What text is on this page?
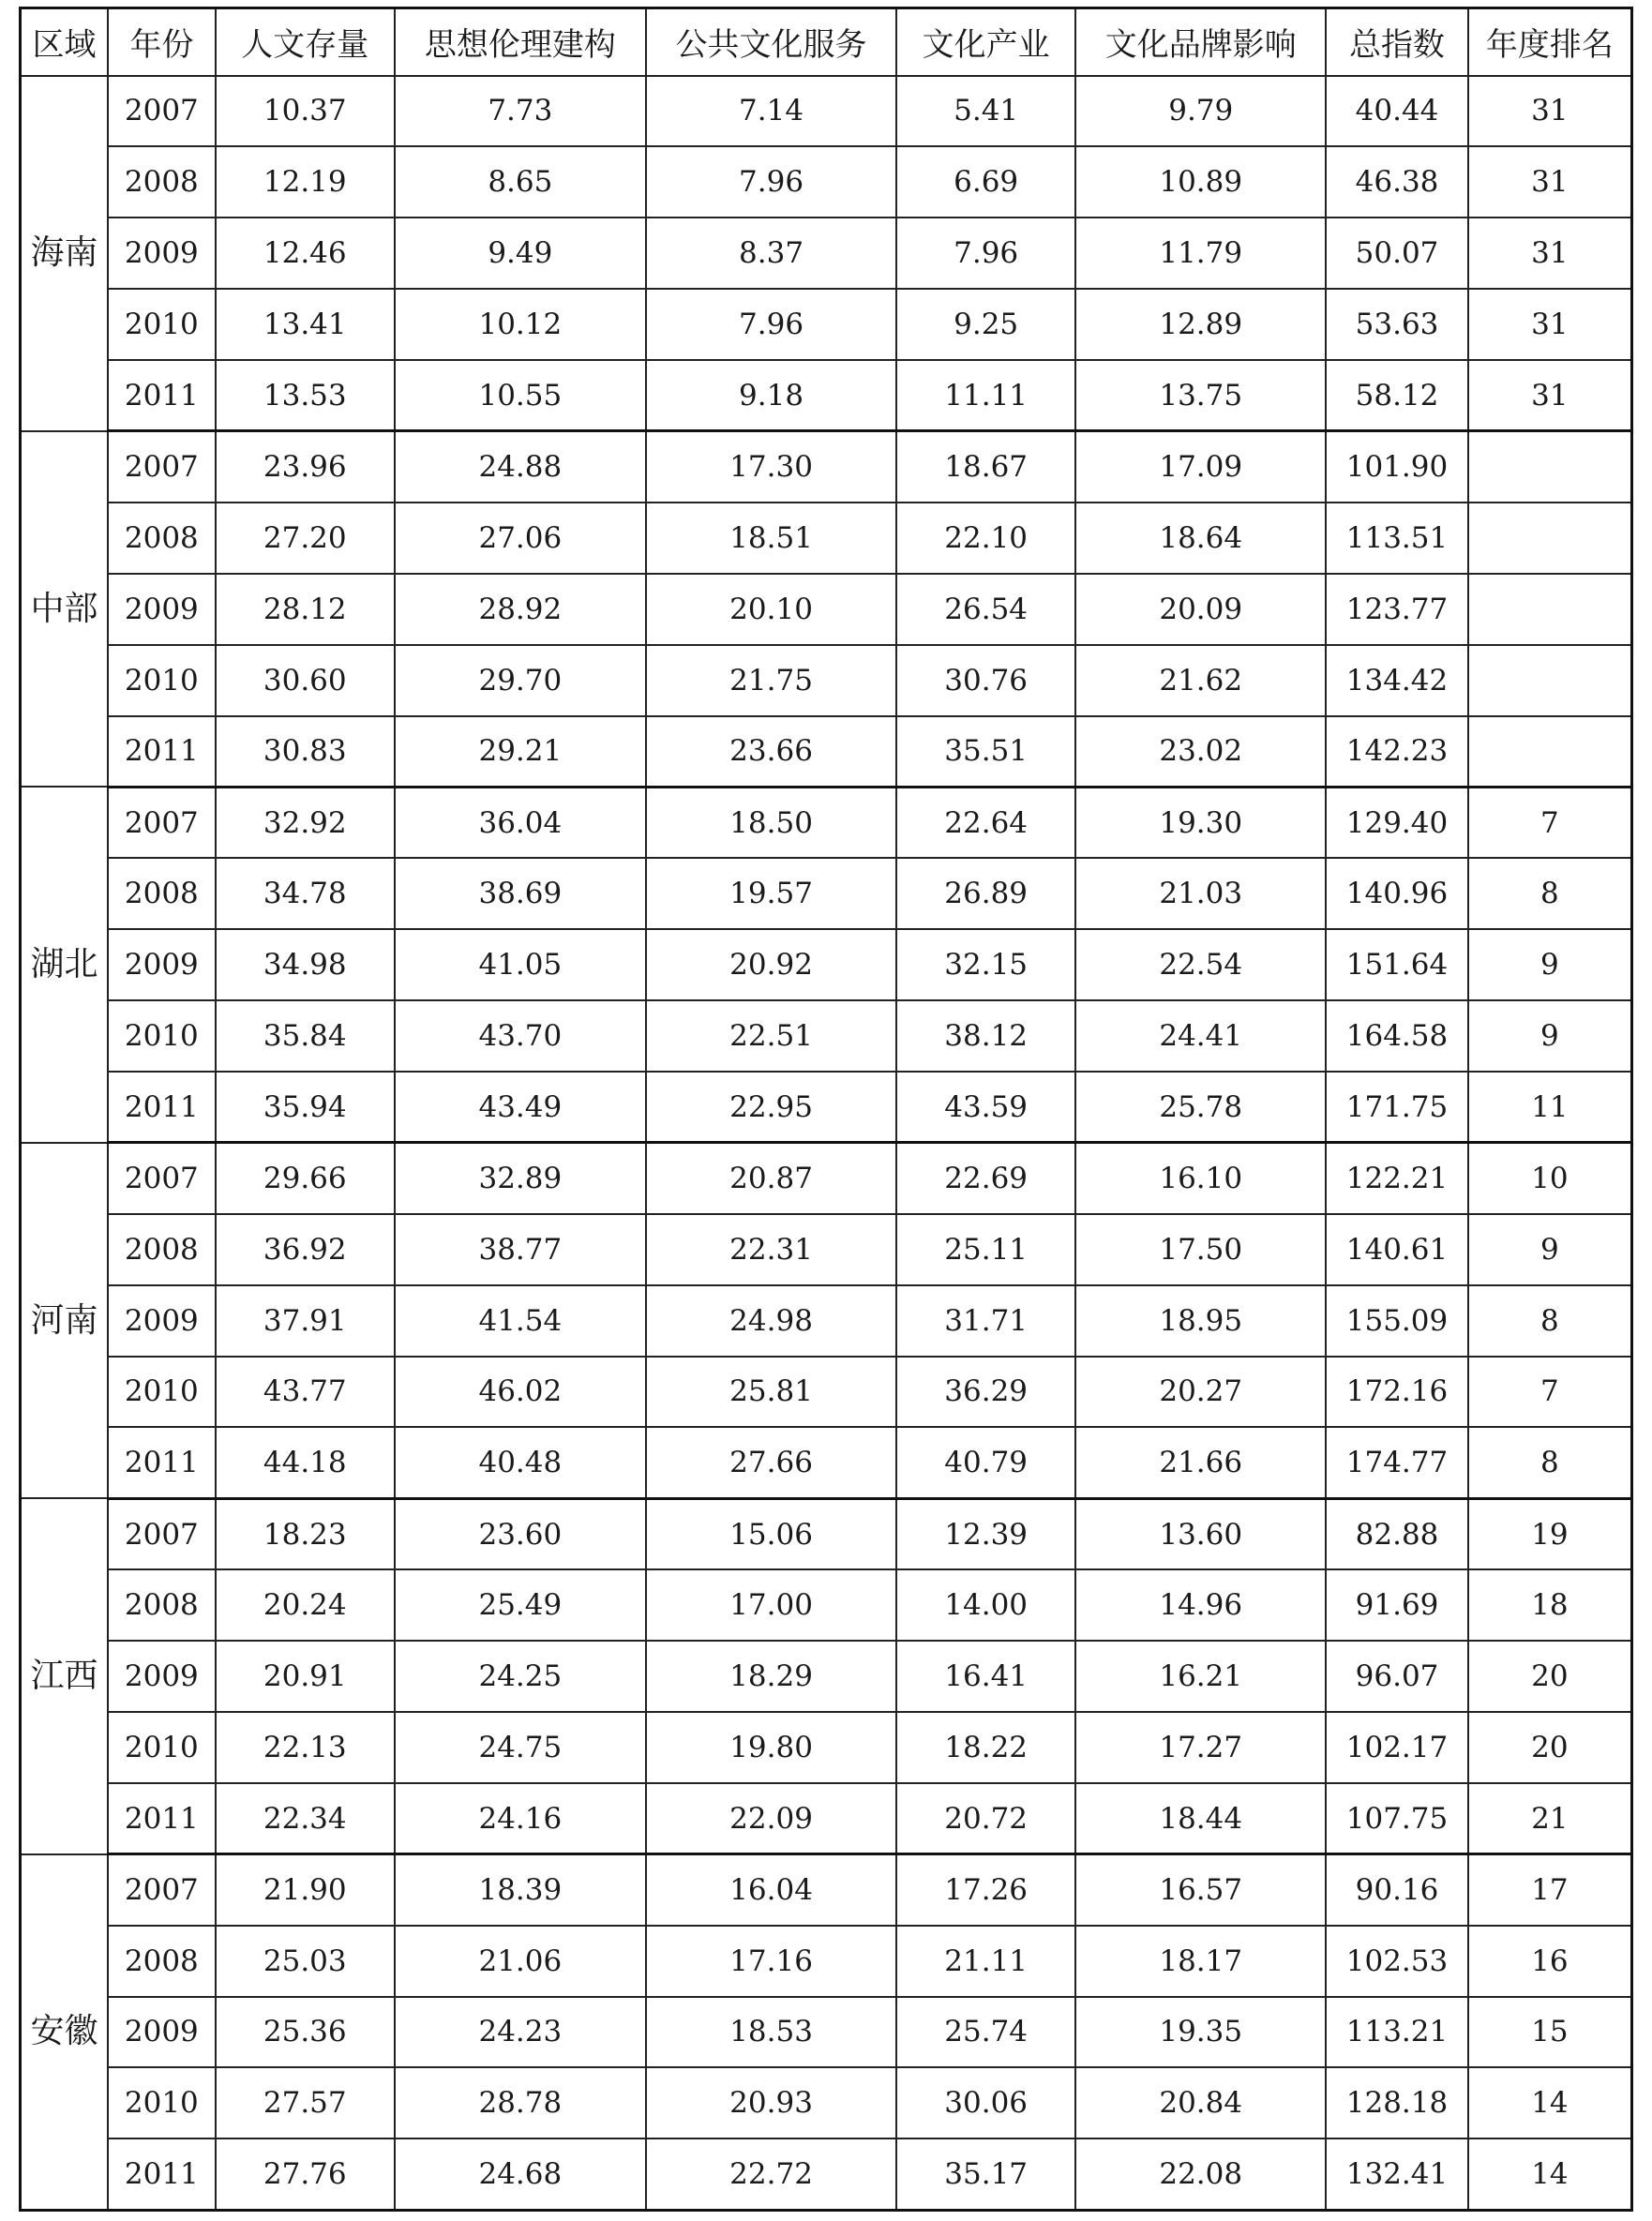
区域	年份	人文存量	思想伦理建构	公共文化服务	文化产业	文化品牌影响	总指数	年度排名
海南	2007	10.37	7.73	7.14	5.41	9.79	40.44	31
	2008	12.19	8.65	7.96	6.69	10.89	46.38	31
	2009	12.46	9.49	8.37	7.96	11.79	50.07	31
	2010	13.41	10.12	7.96	9.25	12.89	53.63	31
	2011	13.53	10.55	9.18	11.11	13.75	58.12	31
中部	2007	23.96	24.88	17.30	18.67	17.09	101.90	
	2008	27.20	27.06	18.51	22.10	18.64	113.51	
	2009	28.12	28.92	20.10	26.54	20.09	123.77	
	2010	30.60	29.70	21.75	30.76	21.62	134.42	
	2011	30.83	29.21	23.66	35.51	23.02	142.23	
湖北	2007	32.92	36.04	18.50	22.64	19.30	129.40	7
	2008	34.78	38.69	19.57	26.89	21.03	140.96	8
	2009	34.98	41.05	20.92	32.15	22.54	151.64	9
	2010	35.84	43.70	22.51	38.12	24.41	164.58	9
	2011	35.94	43.49	22.95	43.59	25.78	171.75	11
河南	2007	29.66	32.89	20.87	22.69	16.10	122.21	10
	2008	36.92	38.77	22.31	25.11	17.50	140.61	9
	2009	37.91	41.54	24.98	31.71	18.95	155.09	8
	2010	43.77	46.02	25.81	36.29	20.27	172.16	7
	2011	44.18	40.48	27.66	40.79	21.66	174.77	8
江西	2007	18.23	23.60	15.06	12.39	13.60	82.88	19
	2008	20.24	25.49	17.00	14.00	14.96	91.69	18
	2009	20.91	24.25	18.29	16.41	16.21	96.07	20
	2010	22.13	24.75	19.80	18.22	17.27	102.17	20
	2011	22.34	24.16	22.09	20.72	18.44	107.75	21
安徽	2007	21.90	18.39	16.04	17.26	16.57	90.16	17
	2008	25.03	21.06	17.16	21.11	18.17	102.53	16
	2009	25.36	24.23	18.53	25.74	19.35	113.21	15
	2010	27.57	28.78	20.93	30.06	20.84	128.18	14
	2011	27.76	24.68	22.72	35.17	22.08	132.41	14
